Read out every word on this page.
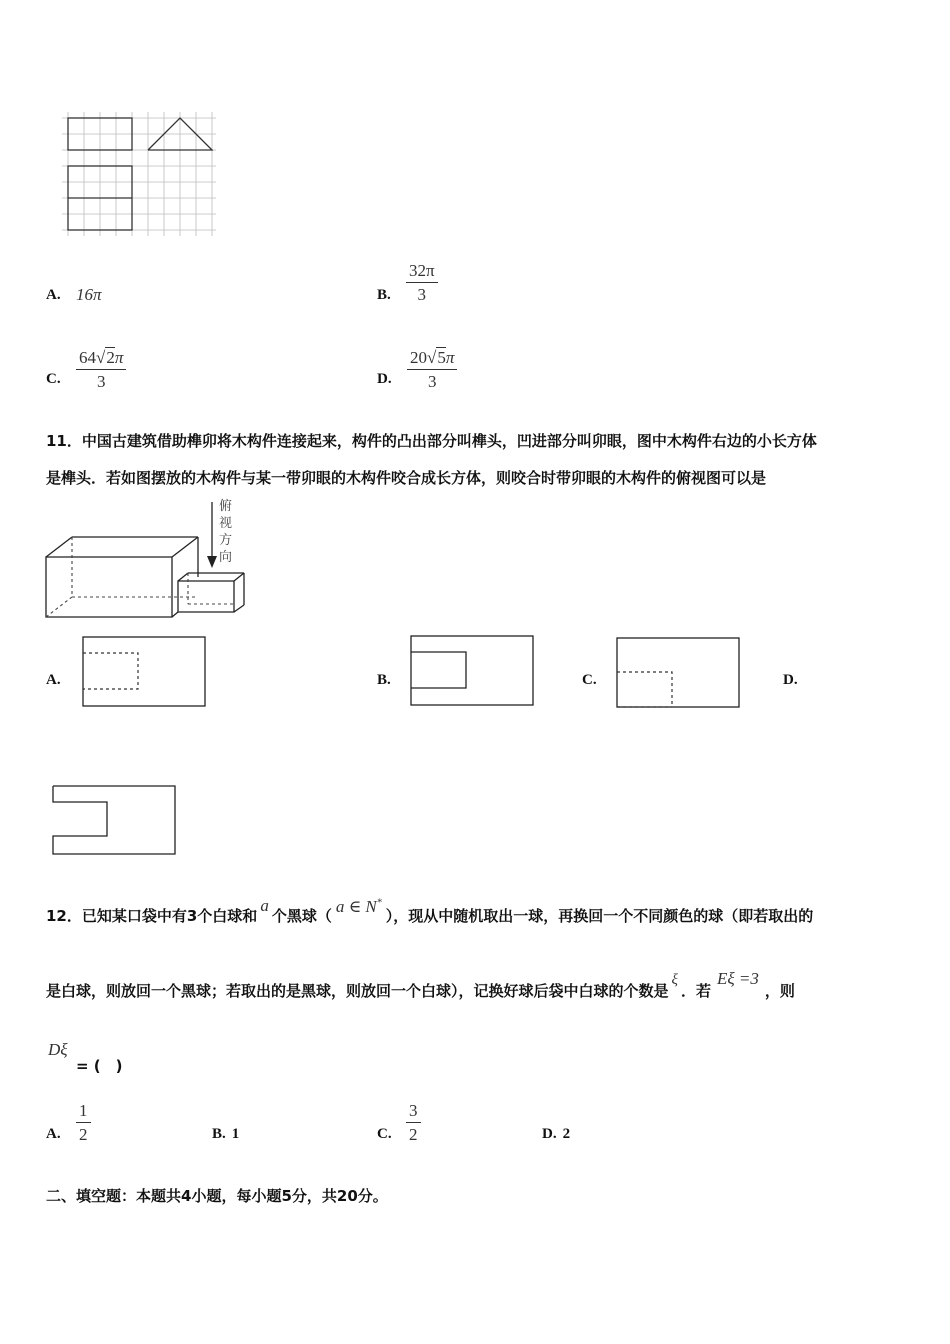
A. 16π	B. $\frac{32\pi}{3}$
C. $\frac{64√2\pi}{3}$	D. $\frac{20√5\pi}{3}$
11．中国古建筑借助榫卯将木构件连接起来，构件的凸出部分叫榫头，凹进部分叫卯眼，图中木构件右边的小长方体
是榫头．若如图摆放的木构件与某一带卯眼的木构件咬合成长方体，则咬合时带卯眼的木构件的俯视图可以是
俯
视
方
向
A.	B.	C.	D.
12．已知某口袋中有3个白球和a个黑球（ a ∈ N*），现从中随机取出一球，再换回一个不同颜色的球（即若取出的
是白球，则放回一个黑球；若取出的是黑球，则放回一个白球），记换好球后袋中白球的个数是ξ．若Eξ =3，则
Dξ
= (　)
A. $\frac{1}{2}$	B. 1	C. $\frac{3}{2}$	D. 2
二、填空题：本题共4小题，每小题5分，共20分。
